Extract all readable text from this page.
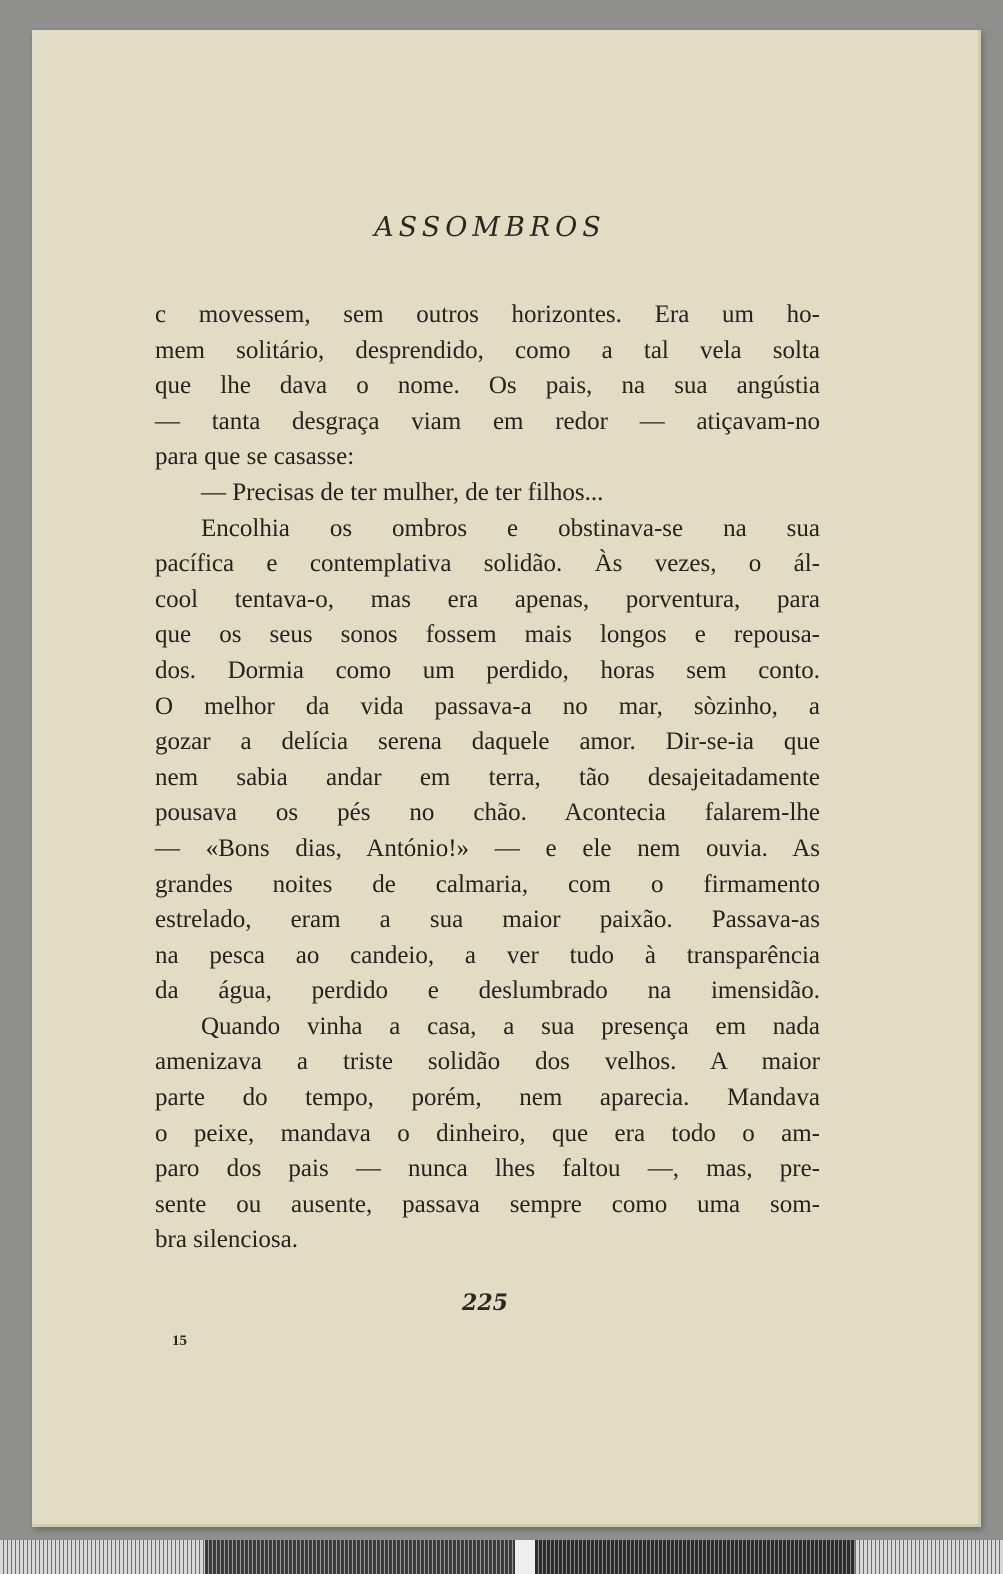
ASSOMBROS
c movessem, sem outros horizontes. Era um ho-
mem solitário, desprendido, como a tal vela solta
que lhe dava o nome. Os pais, na sua angústia
— tanta desgraça viam em redor — atiçavam-no
para que se casasse:
— Precisas de ter mulher, de ter filhos...
Encolhia os ombros e obstinava-se na sua
pacífica e contemplativa solidão. Às vezes, o ál-
cool tentava-o, mas era apenas, porventura, para
que os seus sonos fossem mais longos e repousa-
dos. Dormia como um perdido, horas sem conto.
O melhor da vida passava-a no mar, sòzinho, a
gozar a delícia serena daquele amor. Dir-se-ia que
nem sabia andar em terra, tão desajeitadamente
pousava os pés no chão. Acontecia falarem-lhe
— «Bons dias, António!» — e ele nem ouvia. As
grandes noites de calmaria, com o firmamento
estrelado, eram a sua maior paixão. Passava-as
na pesca ao candeio, a ver tudo à transparência
da água, perdido e deslumbrado na imensidão.
Quando vinha a casa, a sua presença em nada
amenizava a triste solidão dos velhos. A maior
parte do tempo, porém, nem aparecia. Mandava
o peixe, mandava o dinheiro, que era todo o am-
paro dos pais — nunca lhes faltou —, mas, pre-
sente ou ausente, passava sempre como uma som-
bra silenciosa.
225
15
